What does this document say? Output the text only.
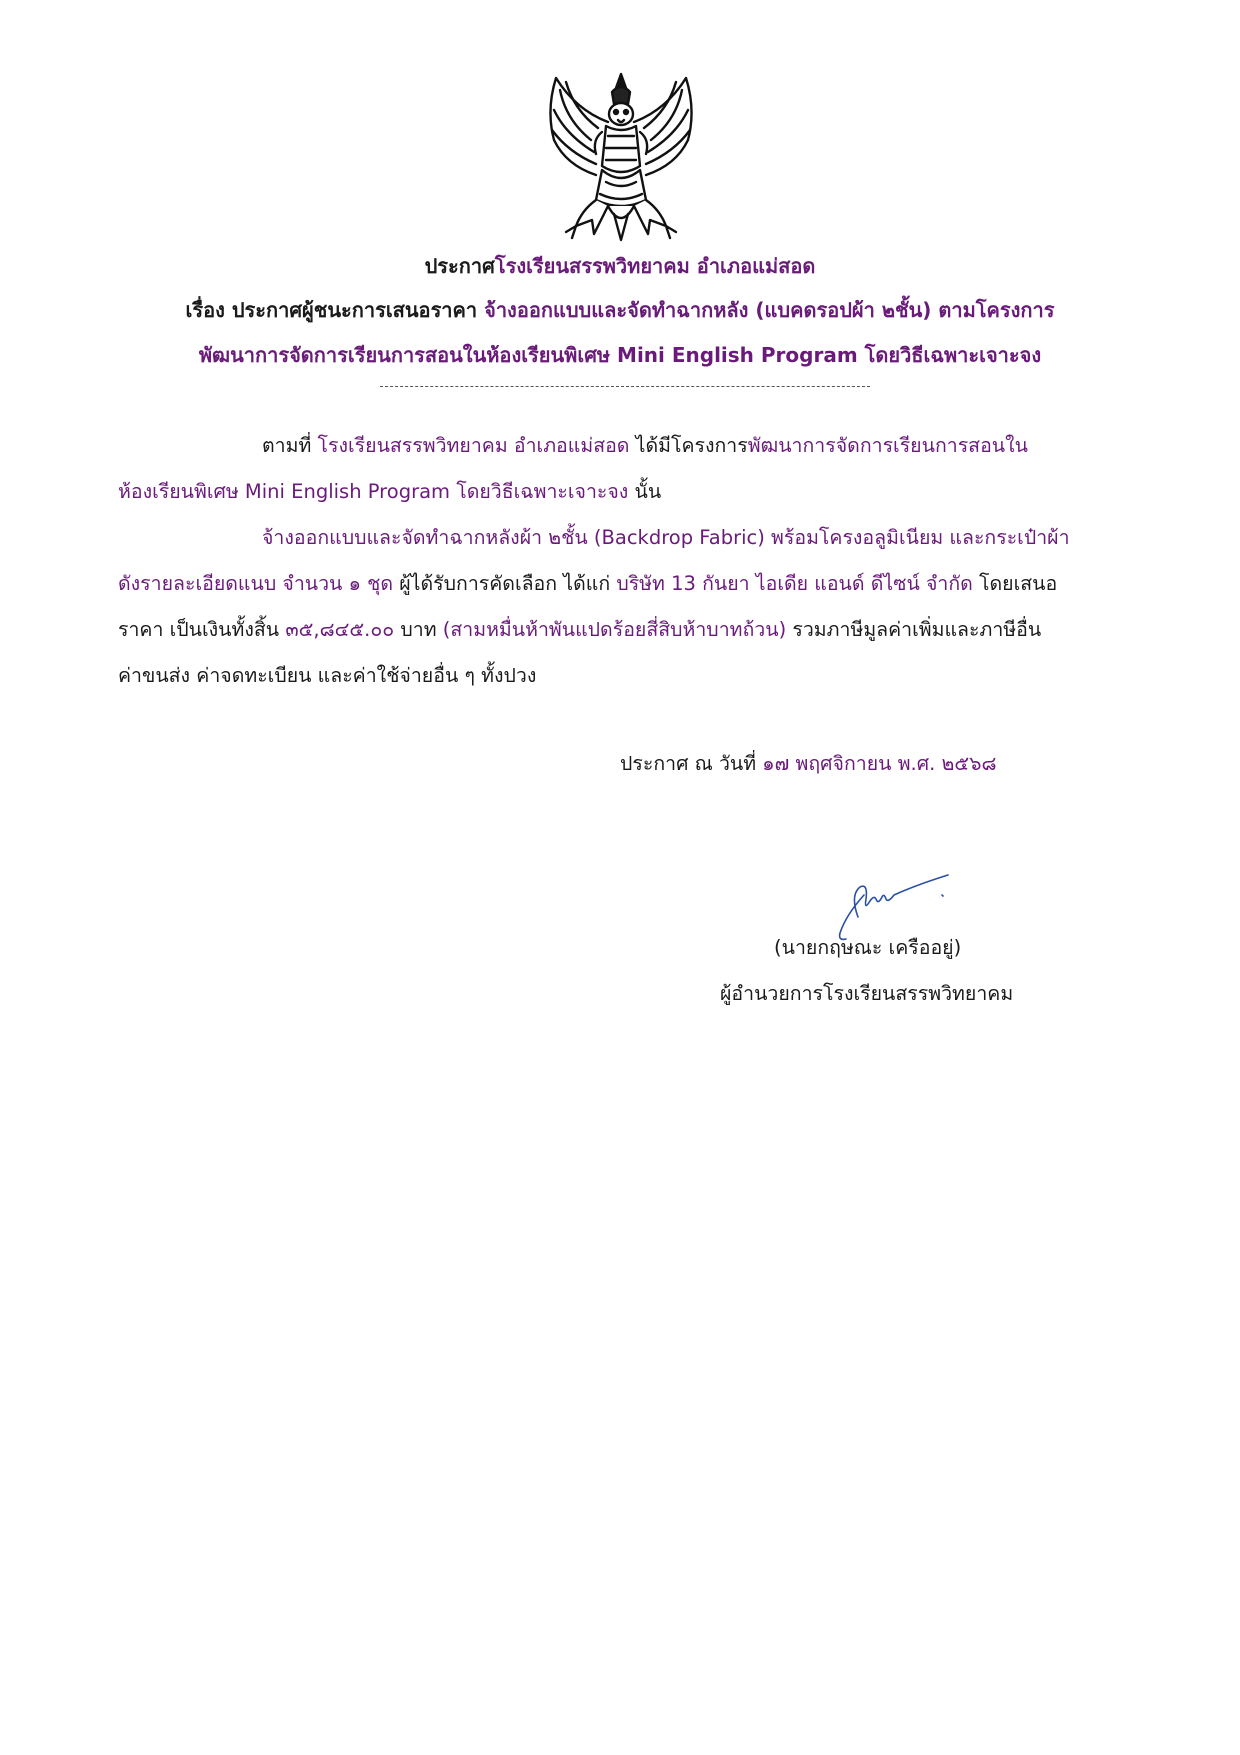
ประกาศโรงเรียนสรรพวิทยาคม อำเภอแม่สอด
เรื่อง ประกาศผู้ชนะการเสนอราคา จ้างออกแบบและจัดทำฉากหลัง (แบคดรอปผ้า ๒ชั้น) ตามโครงการ
พัฒนาการจัดการเรียนการสอนในห้องเรียนพิเศษ Mini English Program โดยวิธีเฉพาะเจาะจง
ตามที่ โรงเรียนสรรพวิทยาคม อำเภอแม่สอด ได้มีโครงการพัฒนาการจัดการเรียนการสอนใน
ห้องเรียนพิเศษ Mini English Program โดยวิธีเฉพาะเจาะจง นั้น
จ้างออกแบบและจัดทำฉากหลังผ้า ๒ชั้น (Backdrop Fabric) พร้อมโครงอลูมิเนียม และกระเป๋าผ้า
ดังรายละเอียดแนบ จำนวน ๑ ชุด ผู้ได้รับการคัดเลือก ได้แก่ บริษัท 13 กันยา ไอเดีย แอนด์ ดีไซน์ จำกัด โดยเสนอ
ราคา เป็นเงินทั้งสิ้น ๓๕,๘๔๕.๐๐ บาท (สามหมื่นห้าพันแปดร้อยสี่สิบห้าบาทถ้วน) รวมภาษีมูลค่าเพิ่มและภาษีอื่น
ค่าขนส่ง ค่าจดทะเบียน และค่าใช้จ่ายอื่น ๆ ทั้งปวง
ประกาศ ณ วันที่ ๑๗ พฤศจิกายน พ.ศ. ๒๕๖๘
(นายกฤษณะ เครืออยู่)
ผู้อำนวยการโรงเรียนสรรพวิทยาคม
